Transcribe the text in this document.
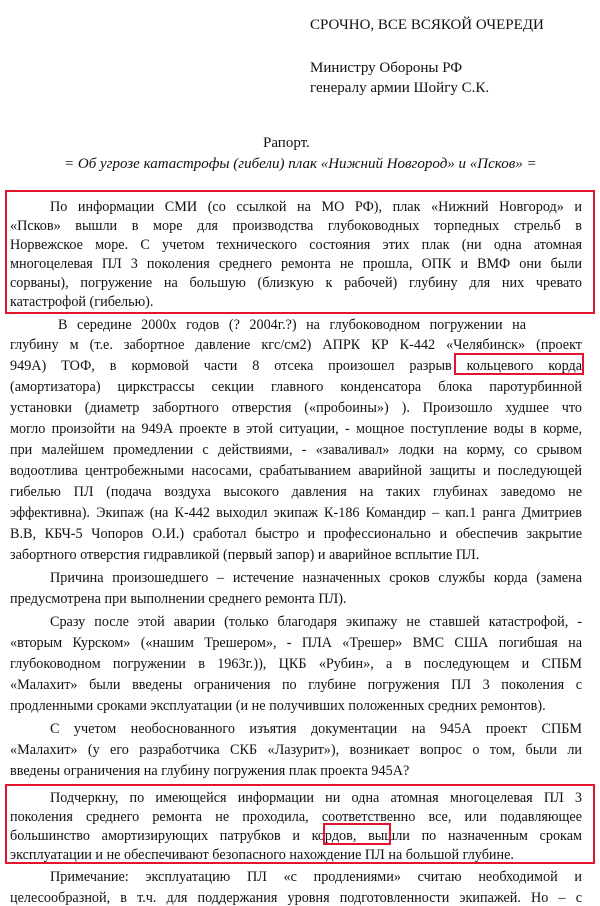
СРОЧНО, ВСЕ ВСЯКОЙ ОЧЕРЕДИ
Министру Обороны РФ
генералу армии Шойгу С.К.
Рапорт.
= Об угрозе катастрофы (гибели) плак «Нижний Новгород» и «Псков» =
По информации СМИ (со ссылкой на МО РФ), плак «Нижний Новгород» и
«Псков» вышли в море для производства глубоководных торпедных стрельб в
Норвежское море. С учетом технического состояния этих плак (ни одна атомная
многоцелевая ПЛ 3 поколения среднего ремонта не прошла, ОПК и ВМФ они были
сорваны), погружение на большую (близкую к рабочей) глубину для них чревато
катастрофой (гибелью).
В середине 2000х годов (? 2004г.?) на глубоководном погружении на
глубину м (т.е. забортное давление кгс/см2) АПРК КР К-442 «Челябинск» (проект
949А) ТОФ, в кормовой части 8 отсека произошел разрыв кольцевого корда
(амортизатора) циркстрассы секции главного конденсатора блока паротурбинной
установки (диаметр забортного отверстия («пробоины») ). Произошло худшее что
могло произойти на 949А проекте в этой ситуации, - мощное поступление воды в корме,
при малейшем промедлении с действиями, - «заваливал» лодки на корму, со срывом
водоотлива центробежными насосами, срабатыванием аварийной защиты и последующей
гибелью ПЛ (подача воздуха высокого давления на таких глубинах заведомо не
эффективна). Экипаж (на К-442 выходил экипаж К-186 Командир – кап.1 ранга Дмитриев
В.В, КБЧ-5 Чопоров О.И.) сработал быстро и профессионально и обеспечив закрытие
забортного отверстия гидравликой (первый запор) и аварийное всплытие ПЛ.
Причина произошедшего – истечение назначенных сроков службы корда (замена
предусмотрена при выполнении среднего ремонта ПЛ).
Сразу после этой аварии (только благодаря экипажу не ставшей катастрофой, -
«вторым Курском» («нашим Трешером», - ПЛА «Трешер» ВМС США погибшая на
глубоководном погружении в 1963г.)), ЦКБ «Рубин», а в последующем и СПБМ
«Малахит» были введены ограничения по глубине погружения ПЛ 3 поколения с
продленными сроками эксплуатации (и не получивших положенных средних ремонтов).
С учетом необоснованного изъятия документации на 945А проект СПБМ
«Малахит» (у его разработчика СКБ «Лазурит»), возникает вопрос о том, были ли
введены ограничения на глубину погружения плак проекта 945А?
Подчеркну, по имеющейся информации ни одна атомная многоцелевая ПЛ 3
поколения среднего ремонта не проходила, соответственно все, или подавляющее
большинство амортизирующих патрубков и кордов, вышли по назначенным срокам
эксплуатации и не обеспечивают безопасного нахождение ПЛ на большой глубине.
Примечание: эксплуатацию ПЛ «с продлениями» считаю необходимой и
целесообразной, в т.ч. для поддержания уровня подготовленности экипажей. Но – с
